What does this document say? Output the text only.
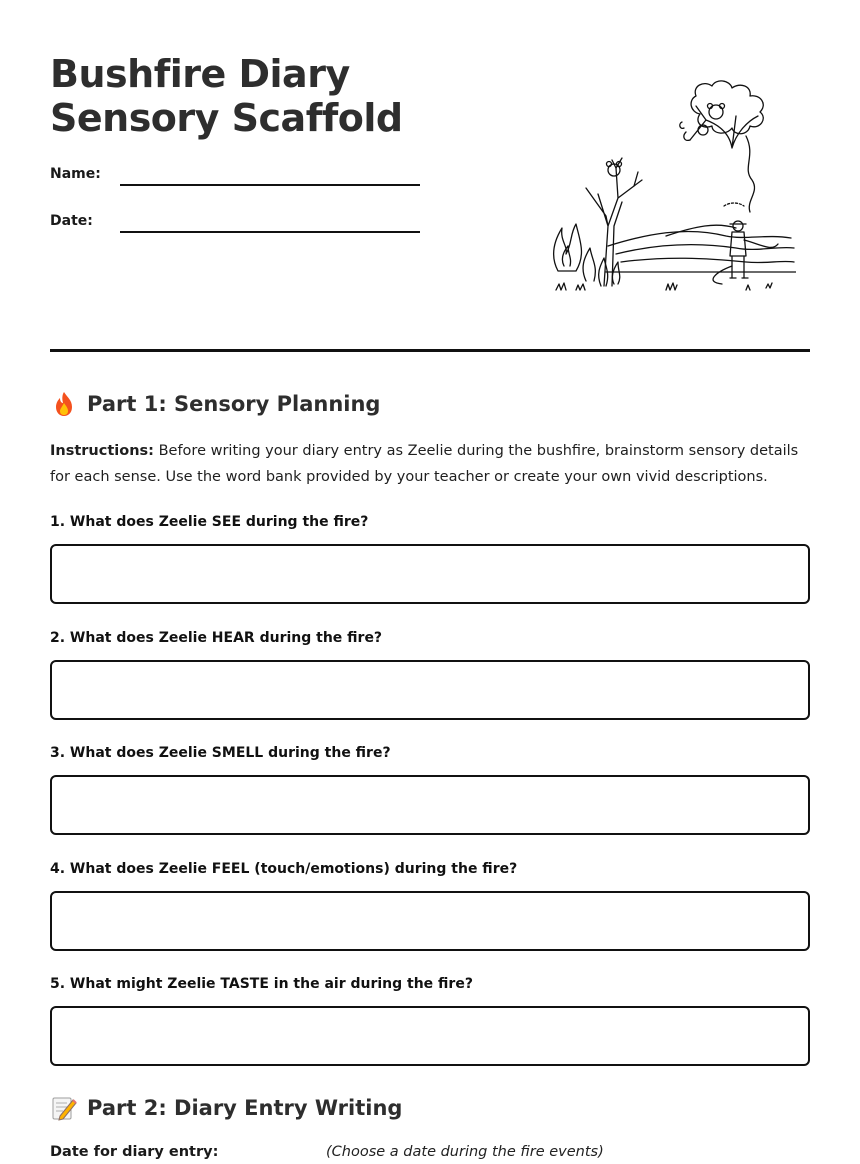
Bushfire Diary Sensory Scaffold
Name:
Date:
Part 1: Sensory Planning

Instructions: Before writing your diary entry as Zeelie during the bushfire, brainstorm sensory details for each sense. Use the word bank provided by your teacher or create your own vivid descriptions.

1. What does Zeelie SEE during the fire?

2. What does Zeelie HEAR during the fire?

3. What does Zeelie SMELL during the fire?

4. What does Zeelie FEEL (touch/emotions) during the fire?

5. What might Zeelie TASTE in the air during the fire?

Part 2: Diary Entry Writing
Date for diary entry:	(Choose a date during the fire events)
